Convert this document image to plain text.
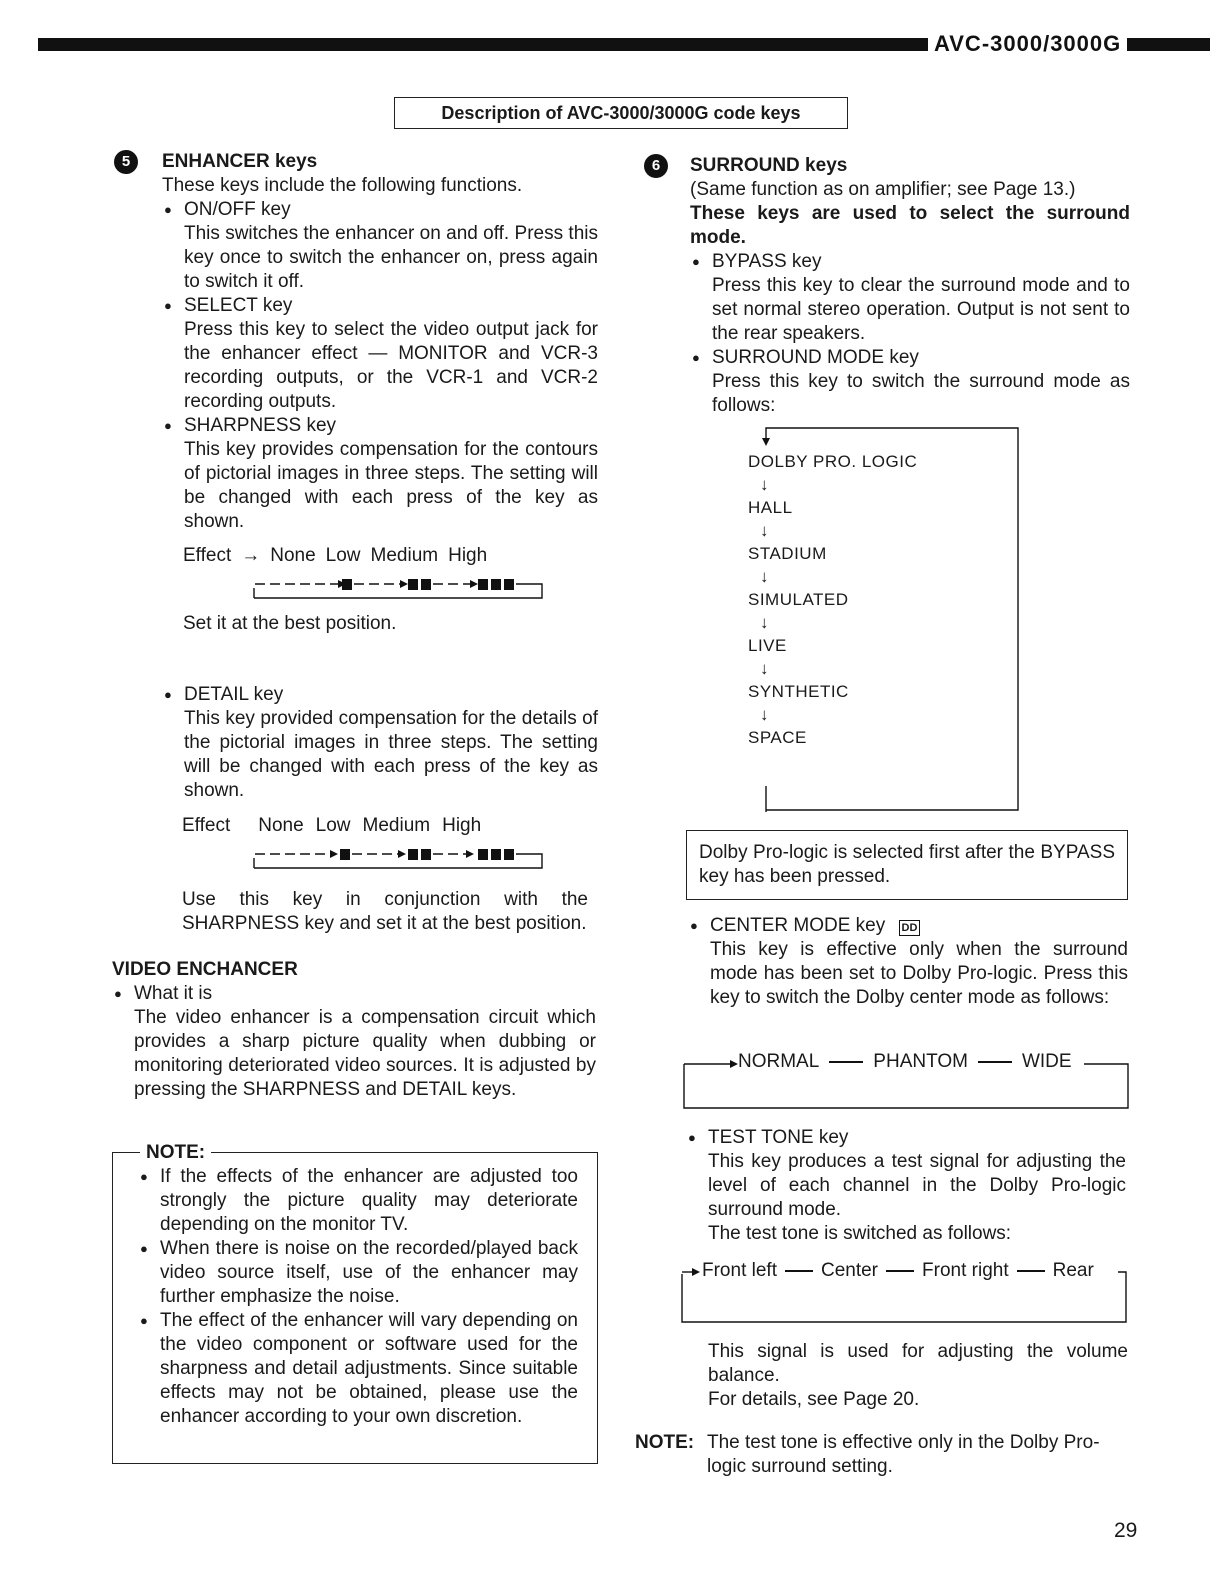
AVC-3000/3000G
Description of AVC-3000/3000G code keys
5	ENHANCER keys
These keys include the following functions.
● ON/OFF key
This switches the enhancer on and off. Press this key once to switch the enhancer on, press again to switch it off.
● SELECT key
Press this key to select the video output jack for the enhancer effect — MONITOR and VCR-3 recording outputs, or the VCR-1 and VCR-2 recording outputs.
● SHARPNESS key
This key provides compensation for the contours of pictorial images in three steps. The setting will be changed with each press of the key as shown.
Effect → None Low Medium High
Set it at the best position.
● DETAIL key
This key provided compensation for the details of the pictorial images in three steps. The setting will be changed with each press of the key as shown.
Effect None Low Medium High
Use this key in conjunction with the SHARPNESS key and set it at the best position.
VIDEO ENCHANCER
● What it is
The video enhancer is a compensation circuit which provides a sharp picture quality when dubbing or monitoring deteriorated video sources. It is adjusted by pressing the SHARPNESS and DETAIL keys.
NOTE:
● If the effects of the enhancer are adjusted too strongly the picture quality may deteriorate depending on the monitor TV.
● When there is noise on the recorded/played back video source itself, use of the enhancer may further emphasize the noise.
● The effect of the enhancer will vary depending on the video component or software used for the sharpness and detail adjustments. Since suitable effects may not be obtained, please use the enhancer according to your own discretion.
6	SURROUND keys
(Same function as on amplifier; see Page 13.)
These keys are used to select the surround mode.
● BYPASS key
Press this key to clear the surround mode and to set normal stereo operation. Output is not sent to the rear speakers.
● SURROUND MODE key
Press this key to switch the surround mode as follows:
DOLBY PRO. LOGIC
↓
HALL
↓
STADIUM
↓
SIMULATED
↓
LIVE
↓
SYNTHETIC
↓
SPACE
Dolby Pro-logic is selected first after the BYPASS key has been pressed.
● CENTER MODE key DD
This key is effective only when the surround mode has been set to Dolby Pro-logic. Press this key to switch the Dolby center mode as follows:
NORMAL	PHANTOM	WIDE
● TEST TONE key
This key produces a test signal for adjusting the level of each channel in the Dolby Pro-logic surround mode.
The test tone is switched as follows:
Front left Center Front right Rear
This signal is used for adjusting the volume balance.
For details, see Page 20.
NOTE: The test tone is effective only in the Dolby Pro-logic surround setting.
29
